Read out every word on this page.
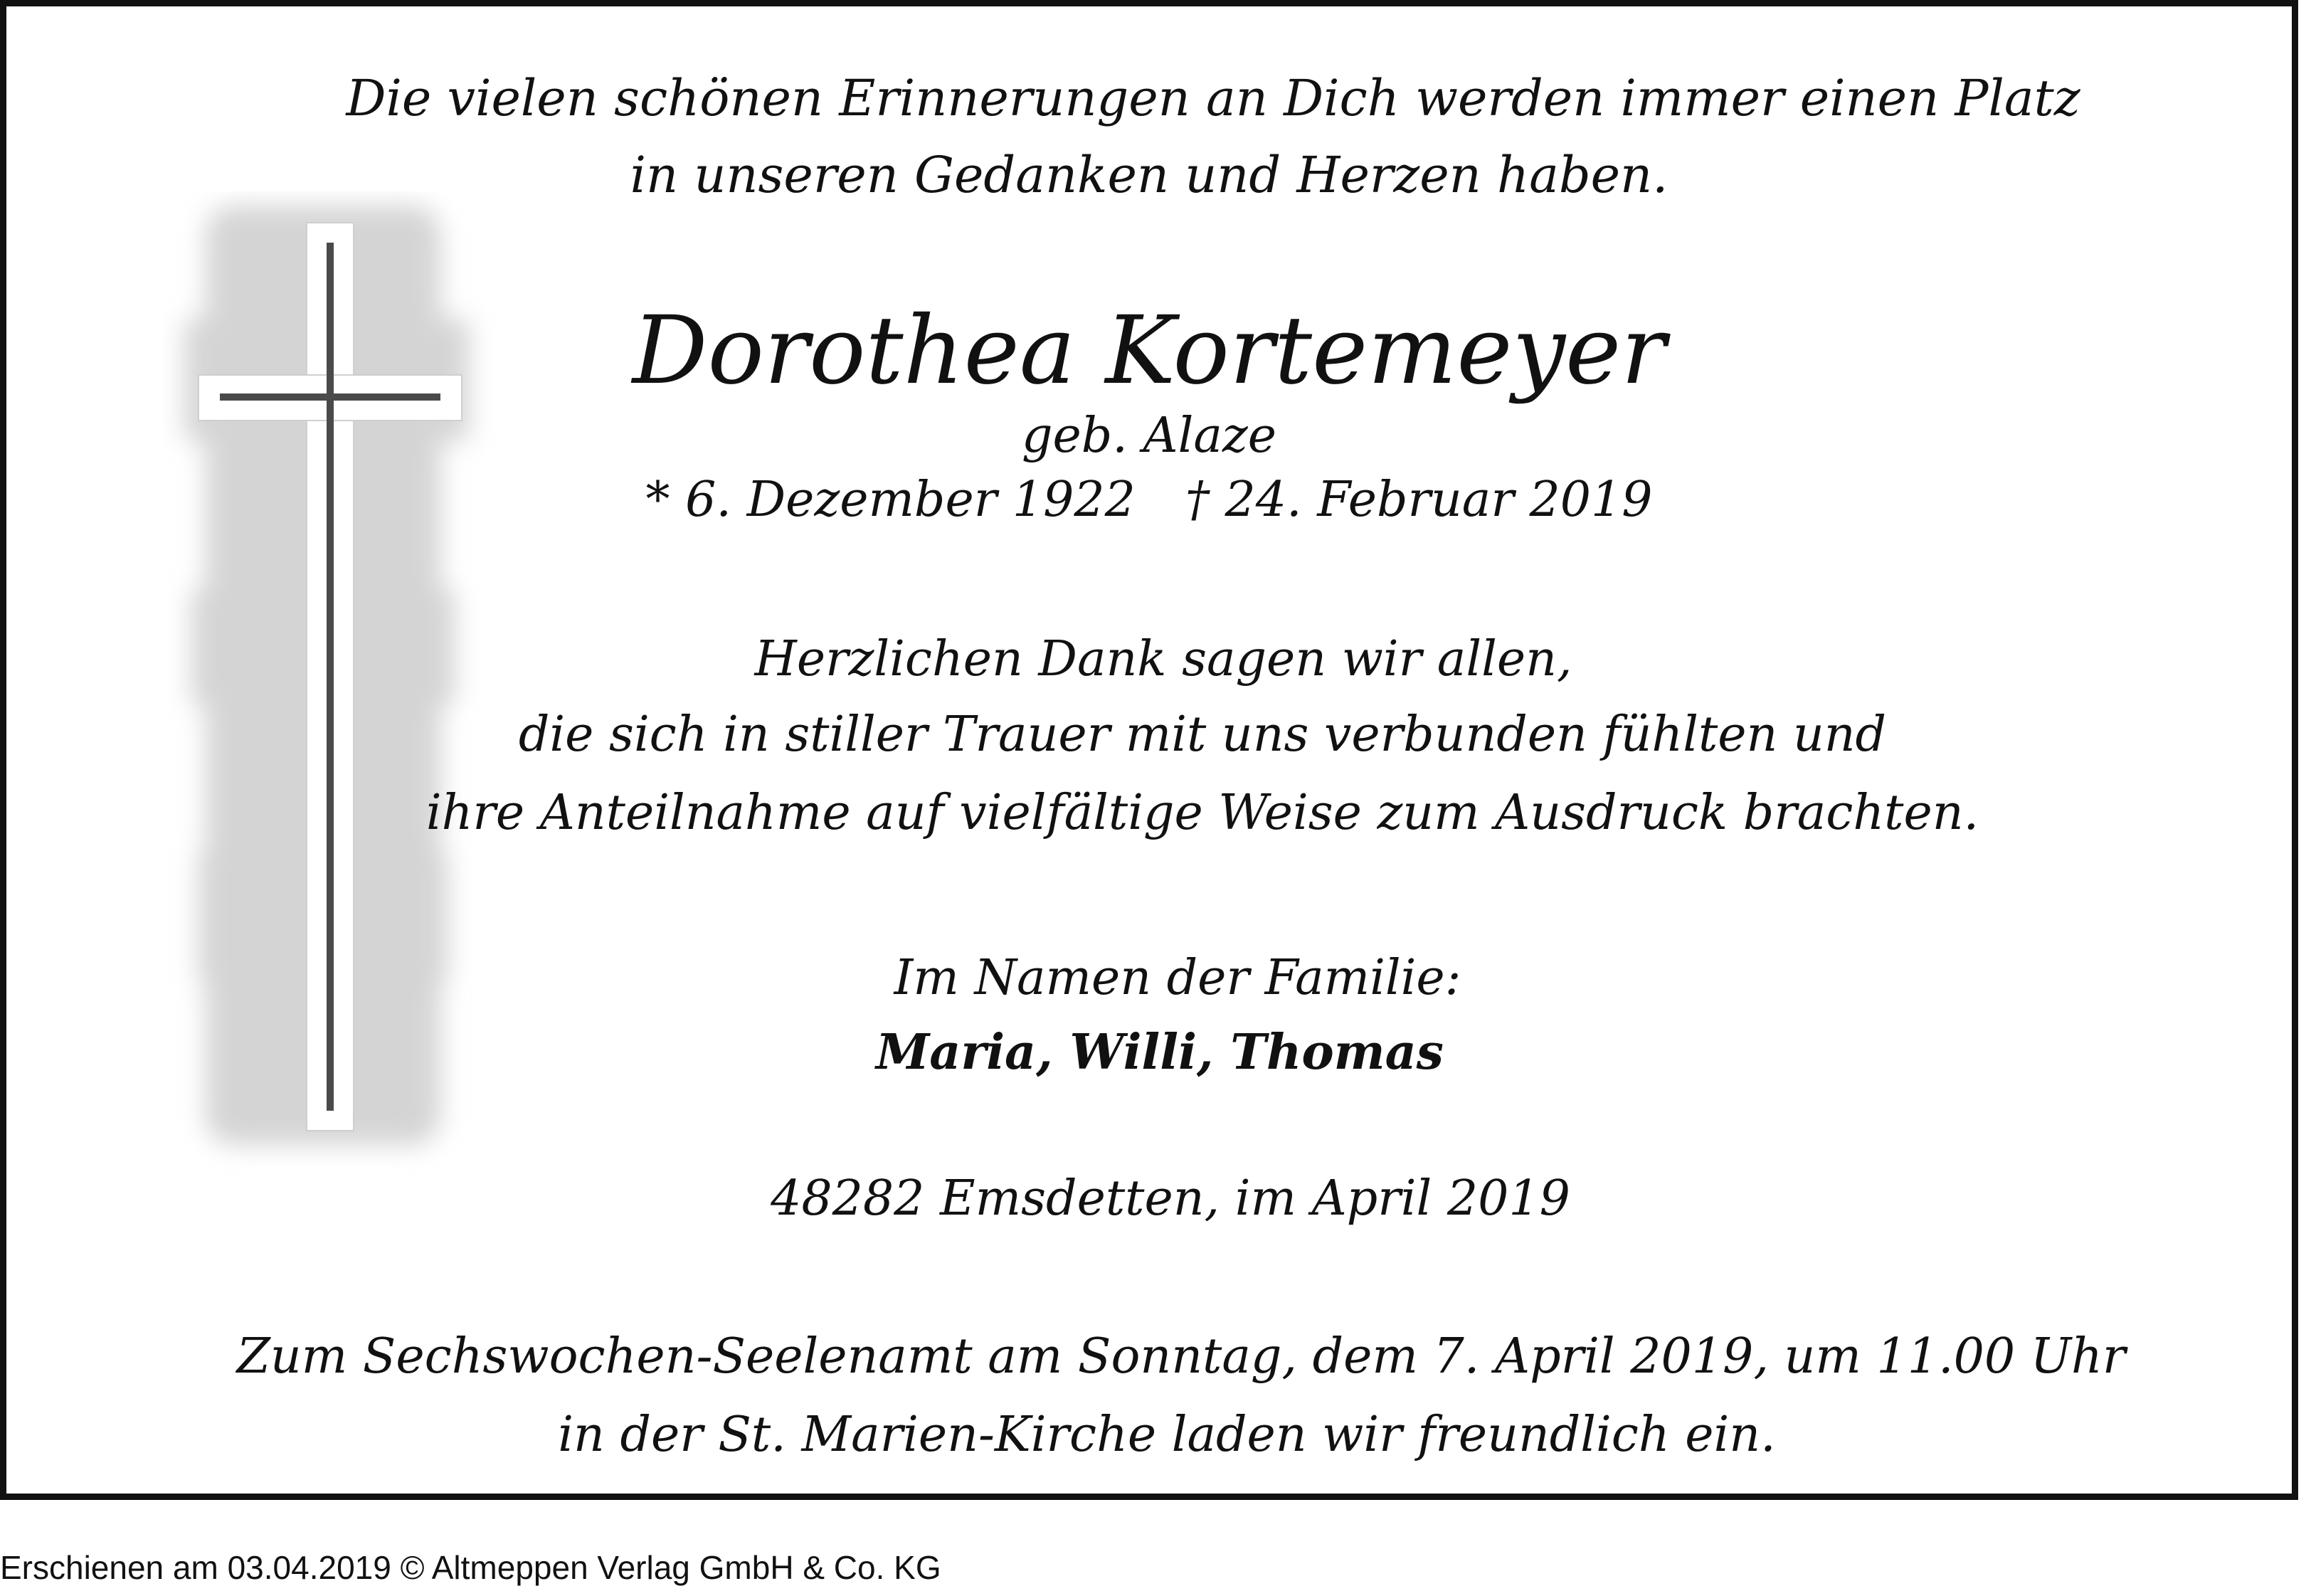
Die vielen schönen Erinnerungen an Dich werden immer einen Platz
in unseren Gedanken und Herzen haben.
Dorothea Kortemeyer
geb. Alaze
* 6. Dezember 1922 † 24. Februar 2019
Herzlichen Dank sagen wir allen,
die sich in stiller Trauer mit uns verbunden fühlten und
ihre Anteilnahme auf vielfältige Weise zum Ausdruck brachten.
Im Namen der Familie:
Maria, Willi, Thomas
48282 Emsdetten, im April 2019
Zum Sechswochen-Seelenamt am Sonntag, dem 7. April 2019, um 11.00 Uhr
in der St. Marien-Kirche laden wir freundlich ein.
Erschienen am 03.04.2019 © Altmeppen Verlag GmbH & Co. KG
